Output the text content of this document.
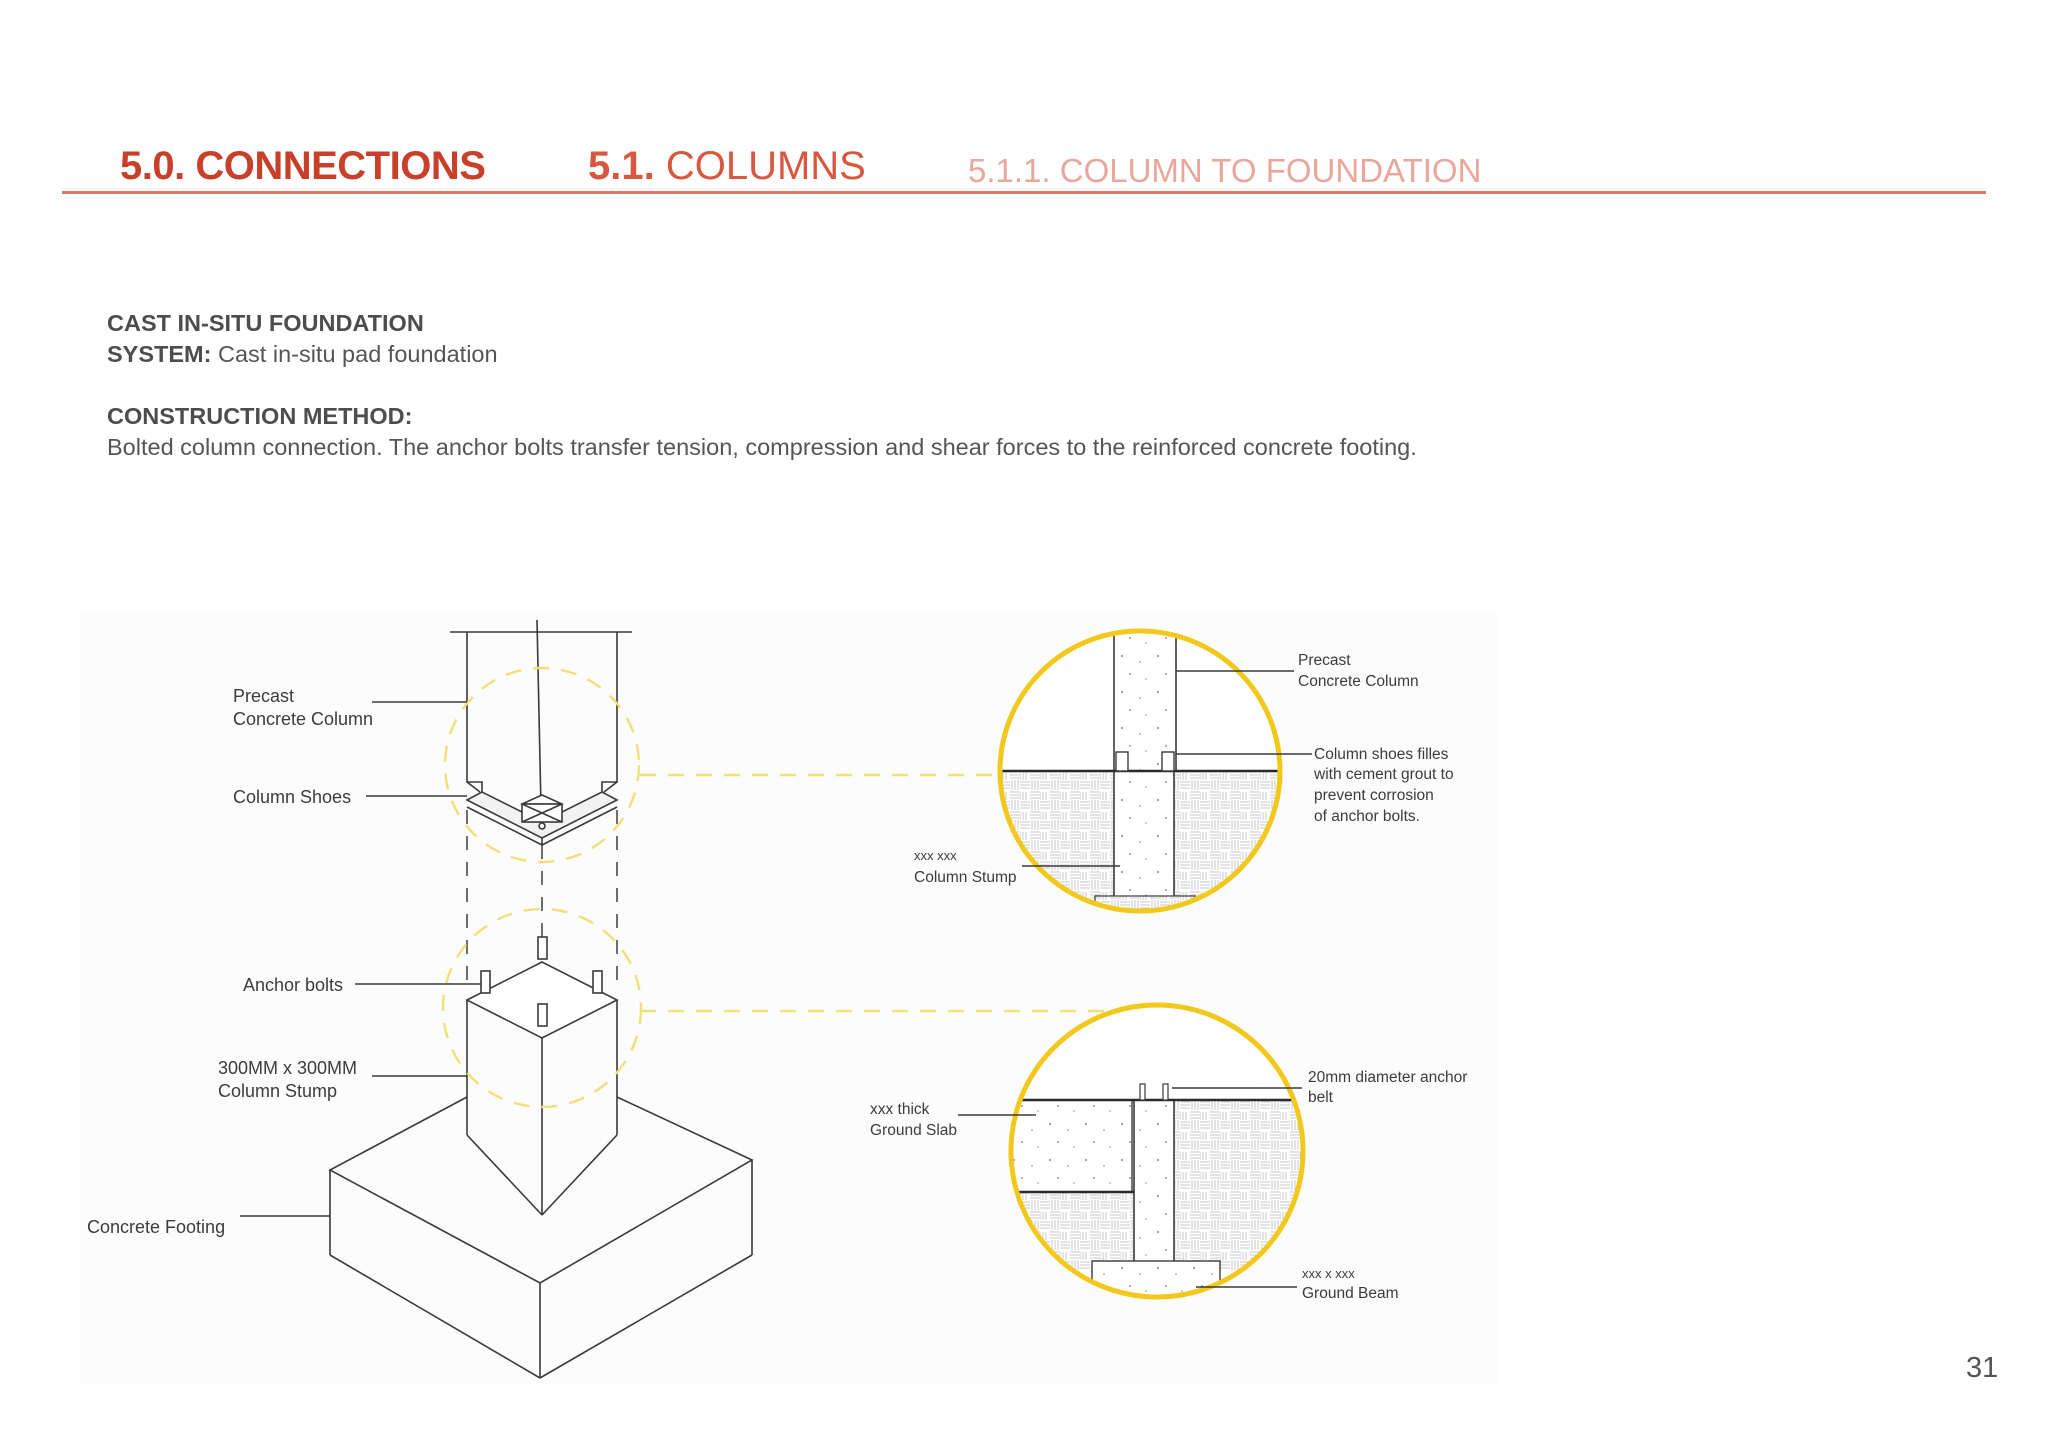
5.0. CONNECTIONS	5.1. COLUMNS	5.1.1. COLUMN TO FOUNDATION

CAST IN-SITU FOUNDATION

SYSTEM: Cast in-situ pad foundation

CONSTRUCTION METHOD:

Bolted column connection. The anchor bolts transfer tension, compression and shear forces to the reinforced concrete footing.

Precast
Concrete Column
Column Shoes
Anchor bolts
300MM x 300MM
Column Stump
Concrete Footing
Precast
Concrete Column
Column shoes filles
with cement grout to
prevent corrosion
of anchor bolts.
xxx xxx
Column Stump
20mm diameter anchor
belt
xxx thick
Ground Slab
xxx x xxx
Ground Beam
31
